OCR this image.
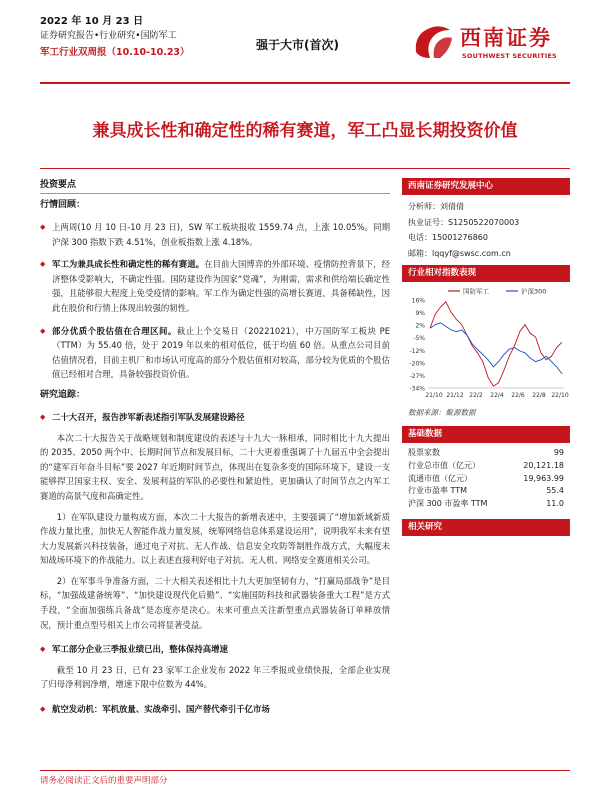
2022 年 10 月 23 日
证券研究报告•行业研究•国防军工
军工行业双周报（10.10-10.23）
强于大市(首次)	西南证券
SOUTHWEST SECURITIES
兼具成长性和确定性的稀有赛道，军工凸显长期投资价值
投资要点
行情回顾：
◆ 上两周(10 月 10 日-10 月 23 日)，SW 军工板块报收 1559.74 点，上涨 10.05%。同期沪深 300 指数下跌 4.51%，创业板指数上涨 4.18%。
◆ 军工为兼具成长性和确定性的稀有赛道。在目前大国博弈的外部环境、疫情防控背景下，经济整体受影响大，不确定性强。国防建设作为国家“党魂”，为刚需，需求和供给端长确定性强，且能够很大程度上免受疫情的影响。军工作为确定性强的高增长赛道，具备稀缺性，因此在股价和行情上体现出较强的韧性。
◆ 部分优质个股估值在合理区间。截止上个交易日（20221021），中万国防军工板块 PE（TTM）为 55.40 倍，处于 2019 年以来的相对低位，低于均值 60 倍。从重点公司目前估值情况看，目前主机厂和市场认可度高的部分个股估值相对较高，部分较为优质的个股估值已经相对合理，具备较强投资价值。
研究追踪：
◆ 二十大召开，报告涉军新表述指引军队发展建设路径
本次二十大报告关于战略规划和制度建设的表述与十九大一脉相承，同时相比十九大提出的 2035、2050 两个中、长期时间节点和发展目标，二十大更着重强调了十九届五中全会提出的“建军百年奋斗目标”要 2027 年近期时间节点，体现出在复杂多变的国际环境下，建设一支能够捍卫国家主权、安全、发展利益的军队的必要性和紧迫性，更加确认了时间节点之内军工赛道的高景气度和高确定性。
1）在军队建设力量构成方面，本次二十大报告的新增表述中，主要强调了“增加新域新质作战力量比重，加快无人智能作战力量发展，统筹网络信息体系建设运用”，说明我军未来有望大力发展新兴科技装备，通过电子对抗、无人作战、信息安全攻防等制胜作战方式，大幅度未知战场环境下的作战能力。以上表述直接利好电子对抗、无人机、网络安全赛道相关公司。
2）在军事斗争准备方面，二十大相关表述相比十九大更加坚韧有力，“打赢局部战争”是目标，“加强战建备统筹”、“加快建设现代化后勤”、“实施国防科技和武器装备重大工程”是方式手段，“全面加强练兵备战”是态度亦是决心。未来可重点关注新型重点武器装备订单释放情况，预计重点型号相关上市公司将显著受益。
◆ 军工部分企业三季报业绩已出，整体保持高增速
截至 10 月 23 日，已有 23 家军工企业发布 2022 年三季报或业绩快报，全部企业实现了归母净利润净增，增速下限中位数为 44%。
◆ 航空发动机：军机放量、实战牵引、国产替代牵引千亿市场
西南证券研究发展中心
分析师：刘倩倩
执业证号：S1250522070003
电话：15001276860
邮箱：lqqyf@swsc.com.cn
行业相对指数表现
16%
9%
2%
-5%
-12%
-20%
-27%
-34%
21/10 21/12 22/2 22/4 22/6 22/8 22/10
国防军工	沪深300
数据来源：聚源数据
基础数据
股票家数	99
行业总市值（亿元）	20,121.18
流通市值（亿元）	19,963.99
行业市盈率 TTM	55.4
沪深 300 市盈率 TTM	11.0
相关研究
请务必阅读正文后的重要声明部分
